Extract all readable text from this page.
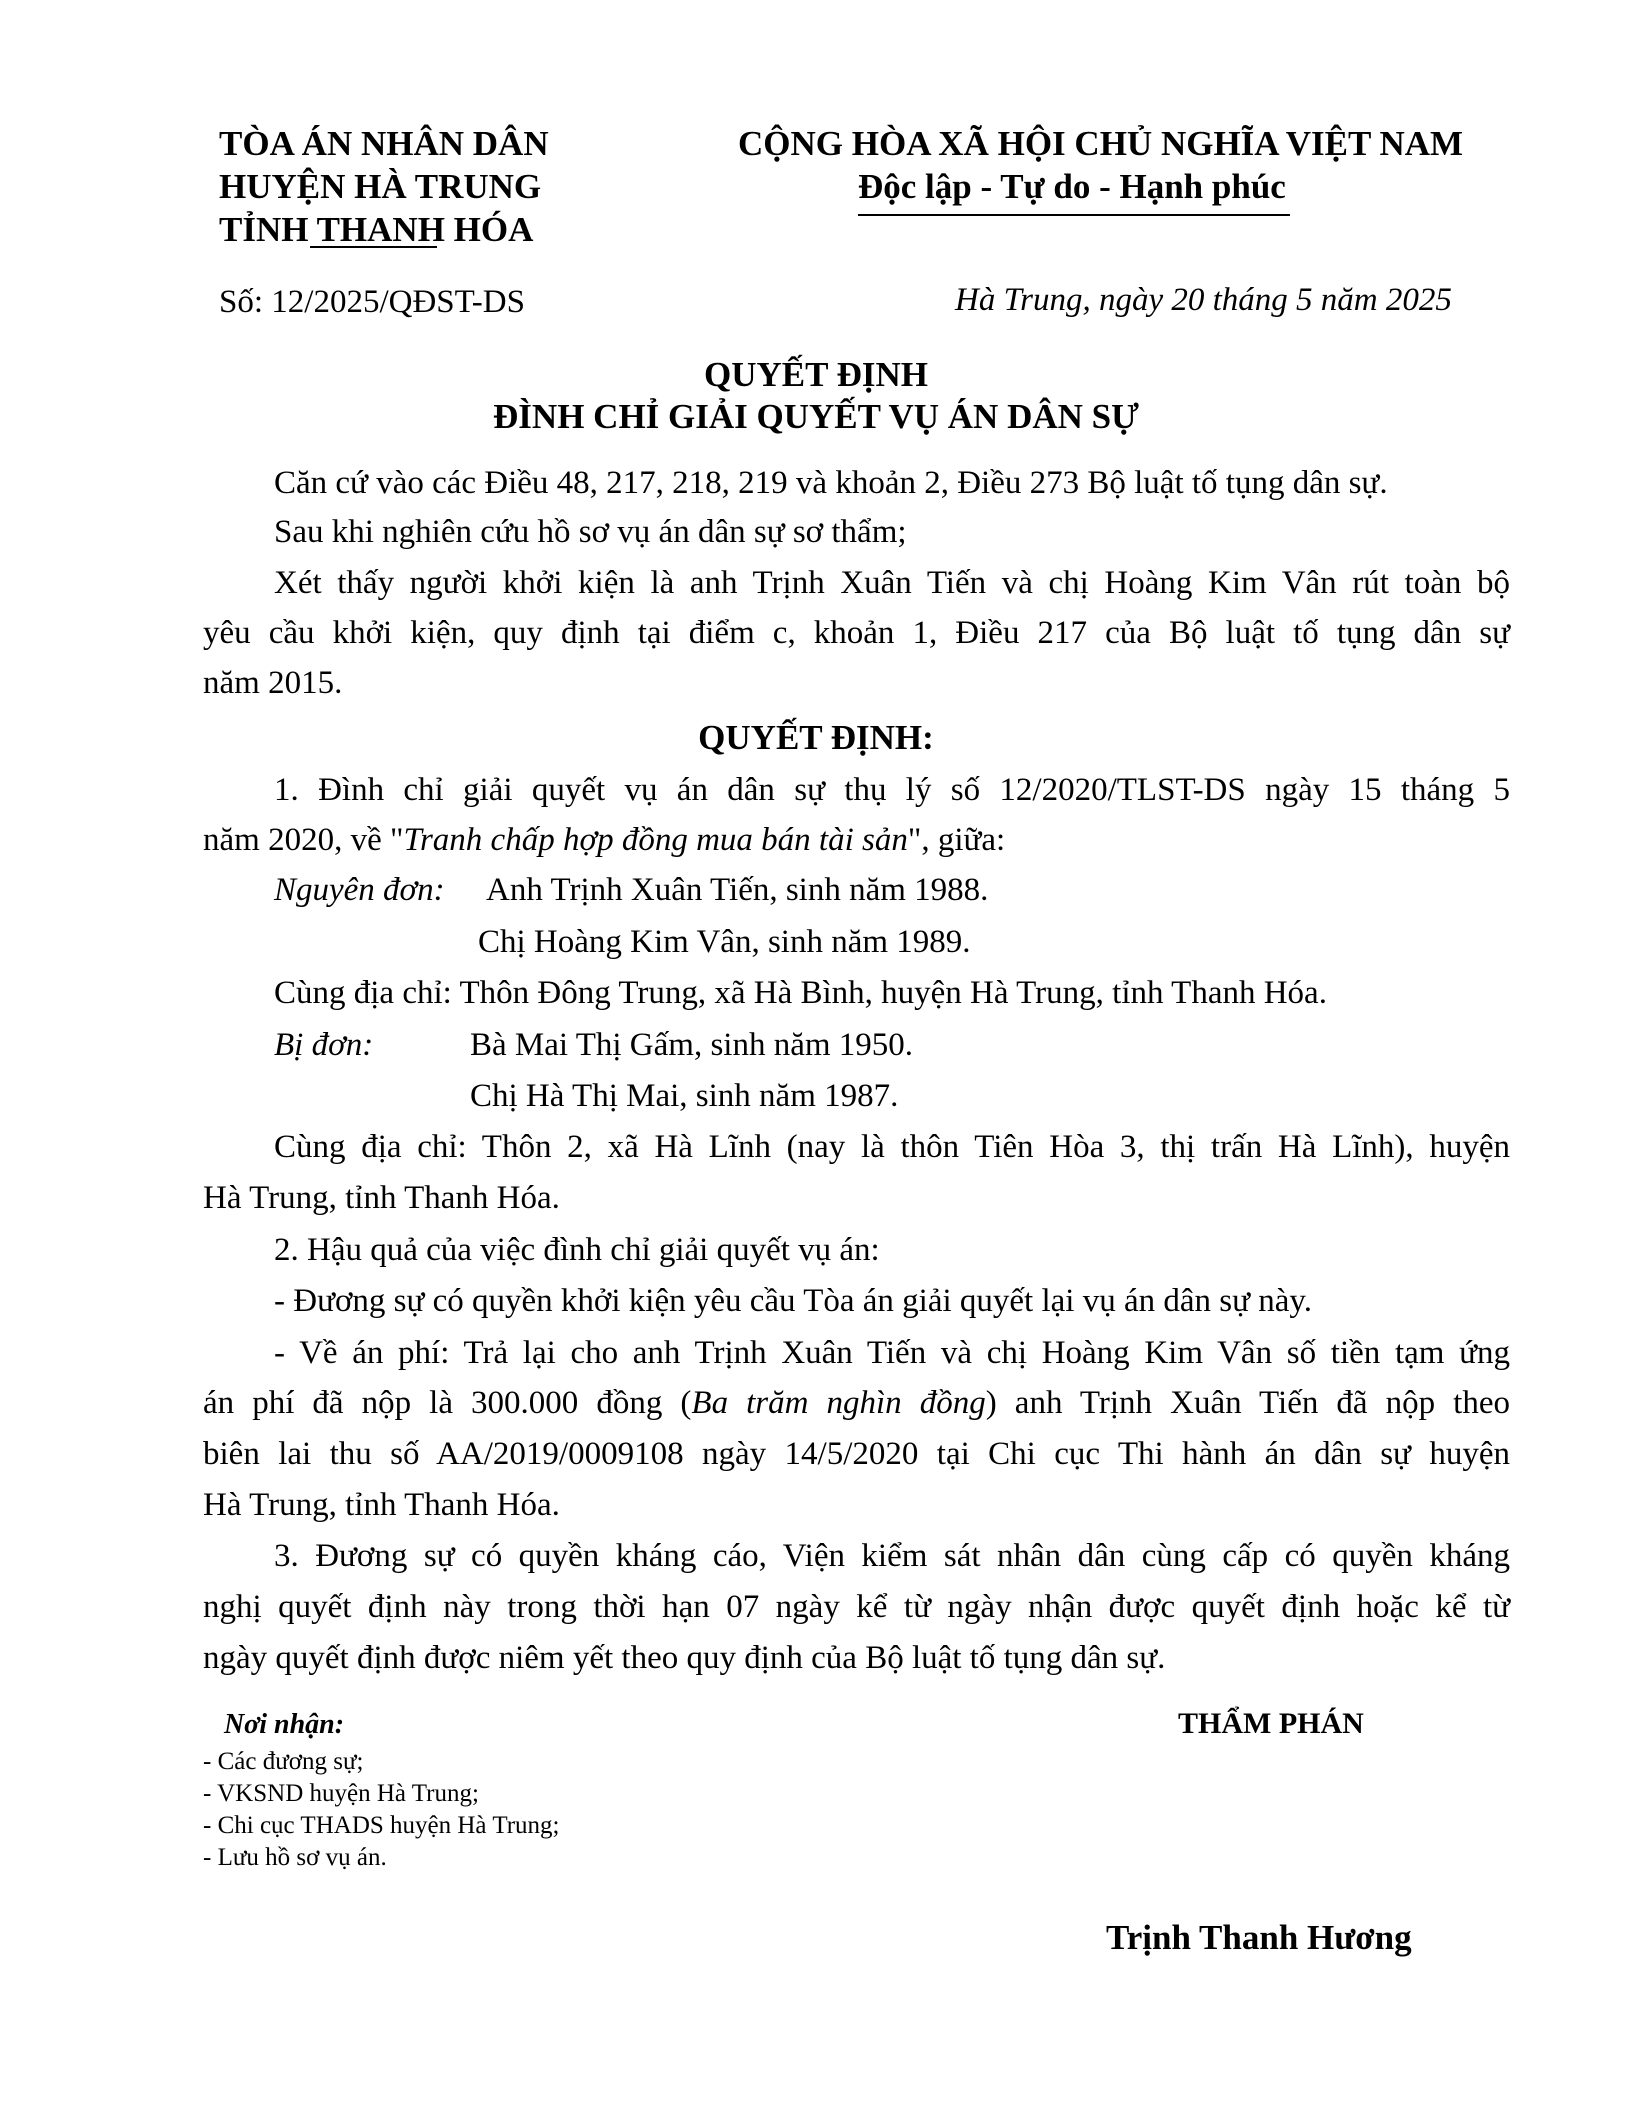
TÒA ÁN NHÂN DÂN
HUYỆN HÀ TRUNG
TỈNH THANH HÓA
CỘNG HÒA XÃ HỘI CHỦ NGHĨA VIỆT NAM
Độc lập - Tự do - Hạnh phúc
Số: 12/2025/QĐST-DS	Hà Trung, ngày 20 tháng 5 năm 2025
QUYẾT ĐỊNH
ĐÌNH CHỈ GIẢI QUYẾT VỤ ÁN DÂN SỰ
Căn cứ vào các Điều 48, 217, 218, 219 và khoản 2, Điều 273 Bộ luật tố tụng dân sự.
Sau khi nghiên cứu hồ sơ vụ án dân sự sơ thẩm;
Xét thấy người khởi kiện là anh Trịnh Xuân Tiến và chị Hoàng Kim Vân rút toàn bộ
yêu cầu khởi kiện, quy định tại điểm c, khoản 1, Điều 217 của Bộ luật tố tụng dân sự
năm 2015.
QUYẾT ĐỊNH:
1. Đình chỉ giải quyết vụ án dân sự thụ lý số 12/2020/TLST-DS ngày 15 tháng 5
năm 2020, về "Tranh chấp hợp đồng mua bán tài sản", giữa:
Nguyên đơn: Anh Trịnh Xuân Tiến, sinh năm 1988.
Chị Hoàng Kim Vân, sinh năm 1989.
Cùng địa chỉ: Thôn Đông Trung, xã Hà Bình, huyện Hà Trung, tỉnh Thanh Hóa.
Bị đơn:	Bà Mai Thị Gấm, sinh năm 1950.
Chị Hà Thị Mai, sinh năm 1987.
Cùng địa chỉ: Thôn 2, xã Hà Lĩnh (nay là thôn Tiên Hòa 3, thị trấn Hà Lĩnh), huyện
Hà Trung, tỉnh Thanh Hóa.
2. Hậu quả của việc đình chỉ giải quyết vụ án:
- Đương sự có quyền khởi kiện yêu cầu Tòa án giải quyết lại vụ án dân sự này.
- Về án phí: Trả lại cho anh Trịnh Xuân Tiến và chị Hoàng Kim Vân số tiền tạm ứng
án phí đã nộp là 300.000 đồng (Ba trăm nghìn đồng) anh Trịnh Xuân Tiến đã nộp theo
biên lai thu số AA/2019/0009108 ngày 14/5/2020 tại Chi cục Thi hành án dân sự huyện
Hà Trung, tỉnh Thanh Hóa.
3. Đương sự có quyền kháng cáo, Viện kiểm sát nhân dân cùng cấp có quyền kháng
nghị quyết định này trong thời hạn 07 ngày kể từ ngày nhận được quyết định hoặc kể từ
ngày quyết định được niêm yết theo quy định của Bộ luật tố tụng dân sự.
Nơi nhận:
- Các đương sự;
- VKSND huyện Hà Trung;
- Chi cục THADS huyện Hà Trung;
- Lưu hồ sơ vụ án.
THẨM PHÁN
Trịnh Thanh Hương
